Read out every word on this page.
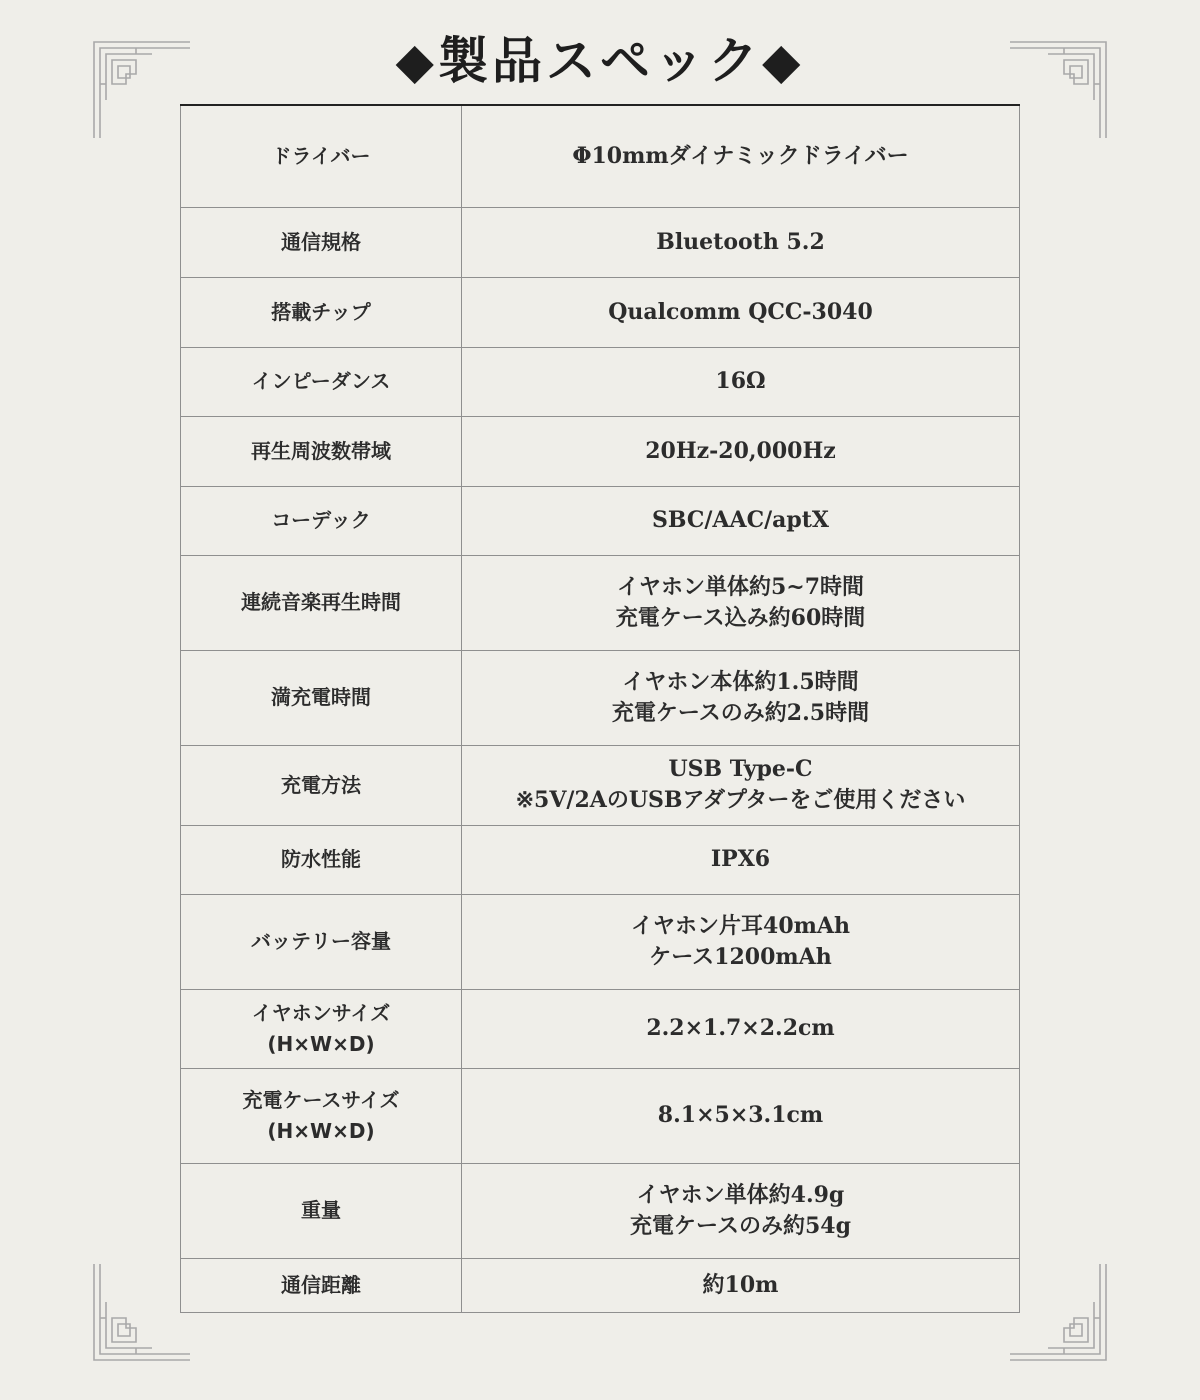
◆製品スペック◆
ドライバー	Φ10mmダイナミックドライバー

通信規格	Bluetooth 5.2

搭載チップ	Qualcomm QCC-3040

インピーダンス	16Ω

再生周波数帯域	20Hz-20,000Hz

コーデック	SBC/AAC/aptX

連続音楽再生時間	イヤホン単体約5~7時間
充電ケース込み約60時間

満充電時間	イヤホン本体約1.5時間
充電ケースのみ約2.5時間

充電方法	USB Type-C
※5V/2AのUSBアダプターをご使用ください

防水性能	IPX6

バッテリー容量	イヤホン片耳40mAh
ケース1200mAh

イヤホンサイズ
(H×W×D)	2.2×1.7×2.2cm

充電ケースサイズ
(H×W×D)	8.1×5×3.1cm

重量	イヤホン単体約4.9g
充電ケースのみ約54g

通信距離	約10m
